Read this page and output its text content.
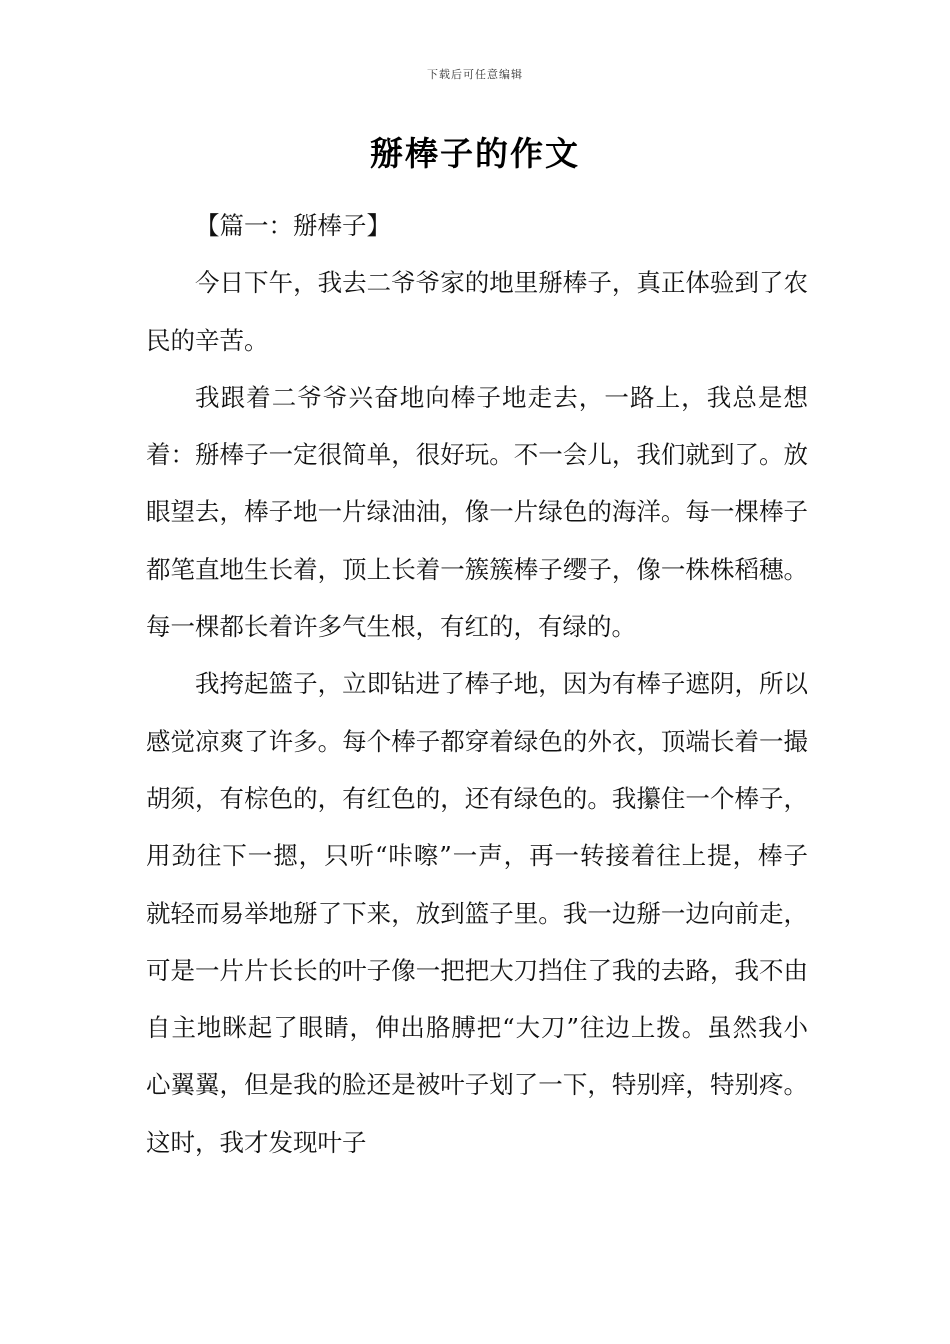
下载后可任意编辑
掰棒子的作文

【篇一：掰棒子】

今日下午，我去二爷爷家的地里掰棒子，真正体验到了农民的辛苦。

我跟着二爷爷兴奋地向棒子地走去，一路上，我总是想着：掰棒子一定很简单，很好玩。不一会儿，我们就到了。放眼望去，棒子地一片绿油油，像一片绿色的海洋。每一棵棒子都笔直地生长着，顶上长着一簇簇棒子缨子，像一株株稻穗。每一棵都长着许多气生根，有红的，有绿的。

我挎起篮子，立即钻进了棒子地，因为有棒子遮阴，所以感觉凉爽了许多。每个棒子都穿着绿色的外衣，顶端长着一撮胡须，有棕色的，有红色的，还有绿色的。我攥住一个棒子，用劲往下一摁，只听“咔嚓”一声，再一转接着往上提，棒子就轻而易举地掰了下来，放到篮子里。我一边掰一边向前走，可是一片片长长的叶子像一把把大刀挡住了我的去路，我不由自主地眯起了眼睛，伸出胳膊把“大刀”往边上拨。虽然我小心翼翼，但是我的脸还是被叶子划了一下，特别痒，特别疼。这时，我才发现叶子
